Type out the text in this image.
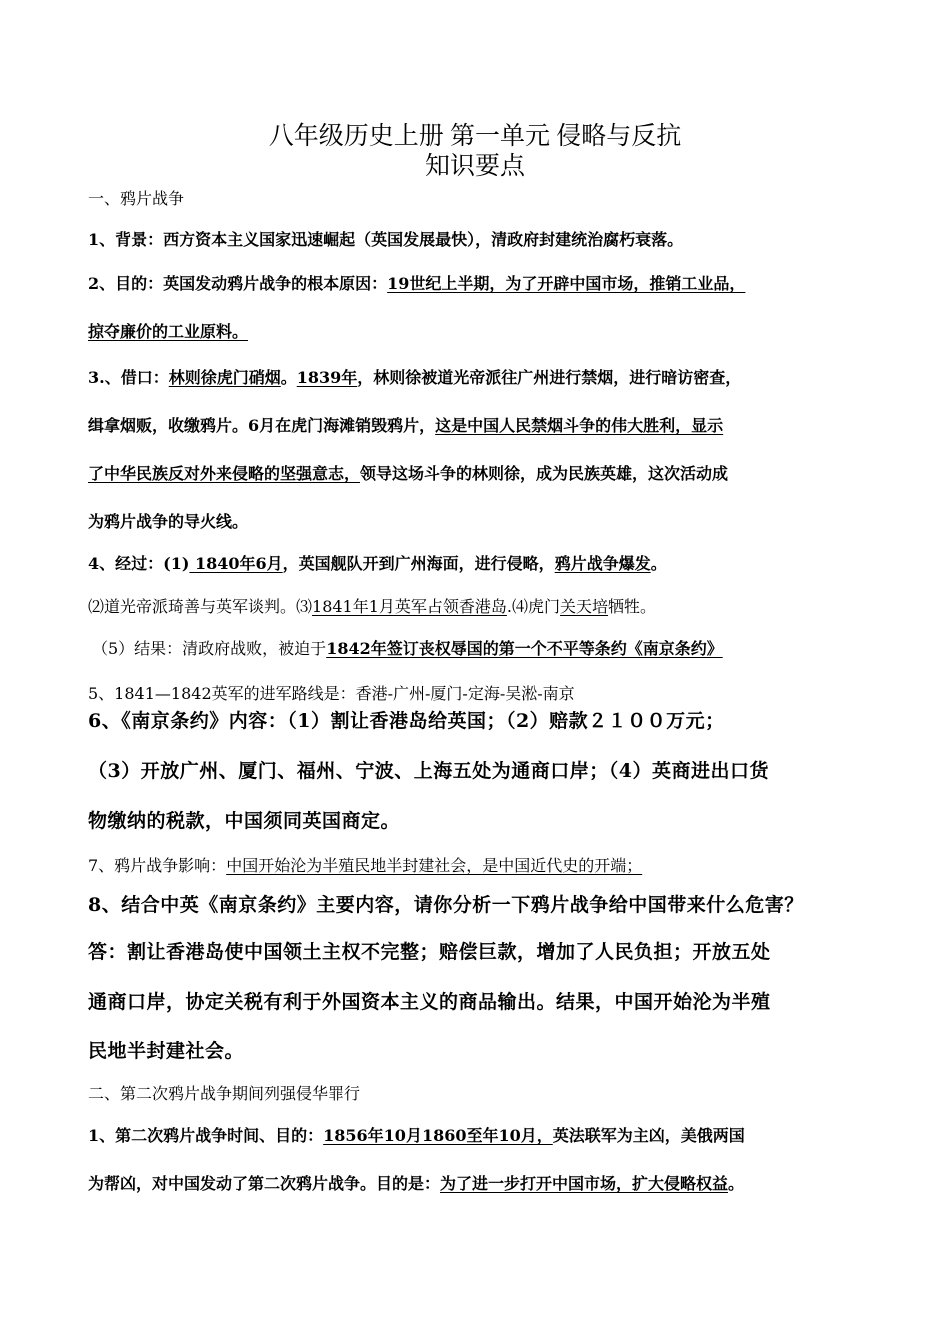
八年级历史上册 第一单元 侵略与反抗
知识要点
一、鸦片战争
1、背景：西方资本主义国家迅速崛起（英国发展最快），清政府封建统治腐朽衰落。
2、目的：英国发动鸦片战争的根本原因：19世纪上半期，为了开辟中国市场，推销工业品，
掠夺廉价的工业原料。
3.、借口：林则徐虎门硝烟。1839年，林则徐被道光帝派往广州进行禁烟，进行暗访密查，
缉拿烟贩，收缴鸦片。6月在虎门海滩销毁鸦片，这是中国人民禁烟斗争的伟大胜利，显示
了中华民族反对外来侵略的坚强意志，领导这场斗争的林则徐，成为民族英雄，这次活动成
为鸦片战争的导火线。
4、经过：(1) 1840年6月，英国舰队开到广州海面，进行侵略，鸦片战争爆发。
⑵道光帝派琦善与英军谈判。⑶1841年1月英军占领香港岛.⑷虎门关天培牺牲。
（5）结果：清政府战败，被迫于1842年签订丧权辱国的第一个不平等条约《南京条约》
5、1841—1842英军的进军路线是：香港-广州-厦门-定海-吴淞-南京
6、《南京条约》内容：（1）割让香港岛给英国；（2）赔款２１００万元；
（3）开放广州、厦门、福州、宁波、上海五处为通商口岸；（4）英商进出口货
物缴纳的税款，中国须同英国商定。
7、鸦片战争影响：中国开始沦为半殖民地半封建社会，是中国近代史的开端；
8、结合中英《南京条约》主要内容，请你分析一下鸦片战争给中国带来什么危害？
答：割让香港岛使中国领土主权不完整；赔偿巨款，增加了人民负担；开放五处
通商口岸，协定关税有利于外国资本主义的商品输出。结果，中国开始沦为半殖
民地半封建社会。
二、第二次鸦片战争期间列强侵华罪行
1、第二次鸦片战争时间、目的：1856年10月1860至年10月，英法联军为主凶，美俄两国
为帮凶，对中国发动了第二次鸦片战争。目的是：为了进一步打开中国市场，扩大侵略权益。
